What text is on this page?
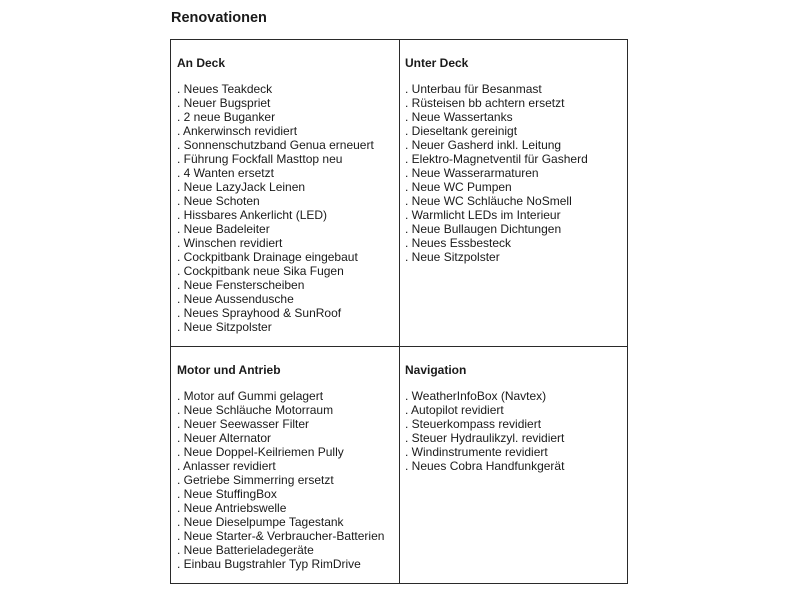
Renovationen
An Deck
. Neues Teakdeck
. Neuer Bugspriet
. 2 neue Buganker
. Ankerwinsch revidiert
. Sonnenschutzband Genua erneuert
. Führung Fockfall Masttop neu
. 4 Wanten ersetzt
. Neue LazyJack Leinen
. Neue Schoten
. Hissbares Ankerlicht (LED)
. Neue Badeleiter
. Winschen revidiert
. Cockpitbank Drainage eingebaut
. Cockpitbank neue Sika Fugen
. Neue Fensterscheiben
. Neue Aussendusche
. Neues Sprayhood & SunRoof
. Neue Sitzpolster
Unter Deck
. Unterbau für Besanmast
. Rüsteisen bb achtern ersetzt
. Neue Wassertanks
. Dieseltank gereinigt
. Neuer Gasherd inkl. Leitung
. Elektro-Magnetventil für Gasherd
. Neue Wasserarmaturen
. Neue WC Pumpen
. Neue WC Schläuche NoSmell
. Warmlicht LEDs im Interieur
. Neue Bullaugen Dichtungen
. Neues Essbesteck
. Neue Sitzpolster
Motor und Antrieb
. Motor auf Gummi gelagert
. Neue Schläuche Motorraum
. Neuer Seewasser Filter
. Neuer Alternator
. Neue Doppel-Keilriemen Pully
. Anlasser revidiert
. Getriebe Simmerring ersetzt
. Neue StuffingBox
. Neue Antriebswelle
. Neue Dieselpumpe Tagestank
. Neue Starter-& Verbraucher-Batterien
. Neue Batterieladegeräte
. Einbau Bugstrahler Typ RimDrive
Navigation
. WeatherInfoBox (Navtex)
. Autopilot revidiert
. Steuerkompass revidiert
. Steuer Hydraulikzyl. revidiert
. Windinstrumente revidiert
. Neues Cobra Handfunkgerät
